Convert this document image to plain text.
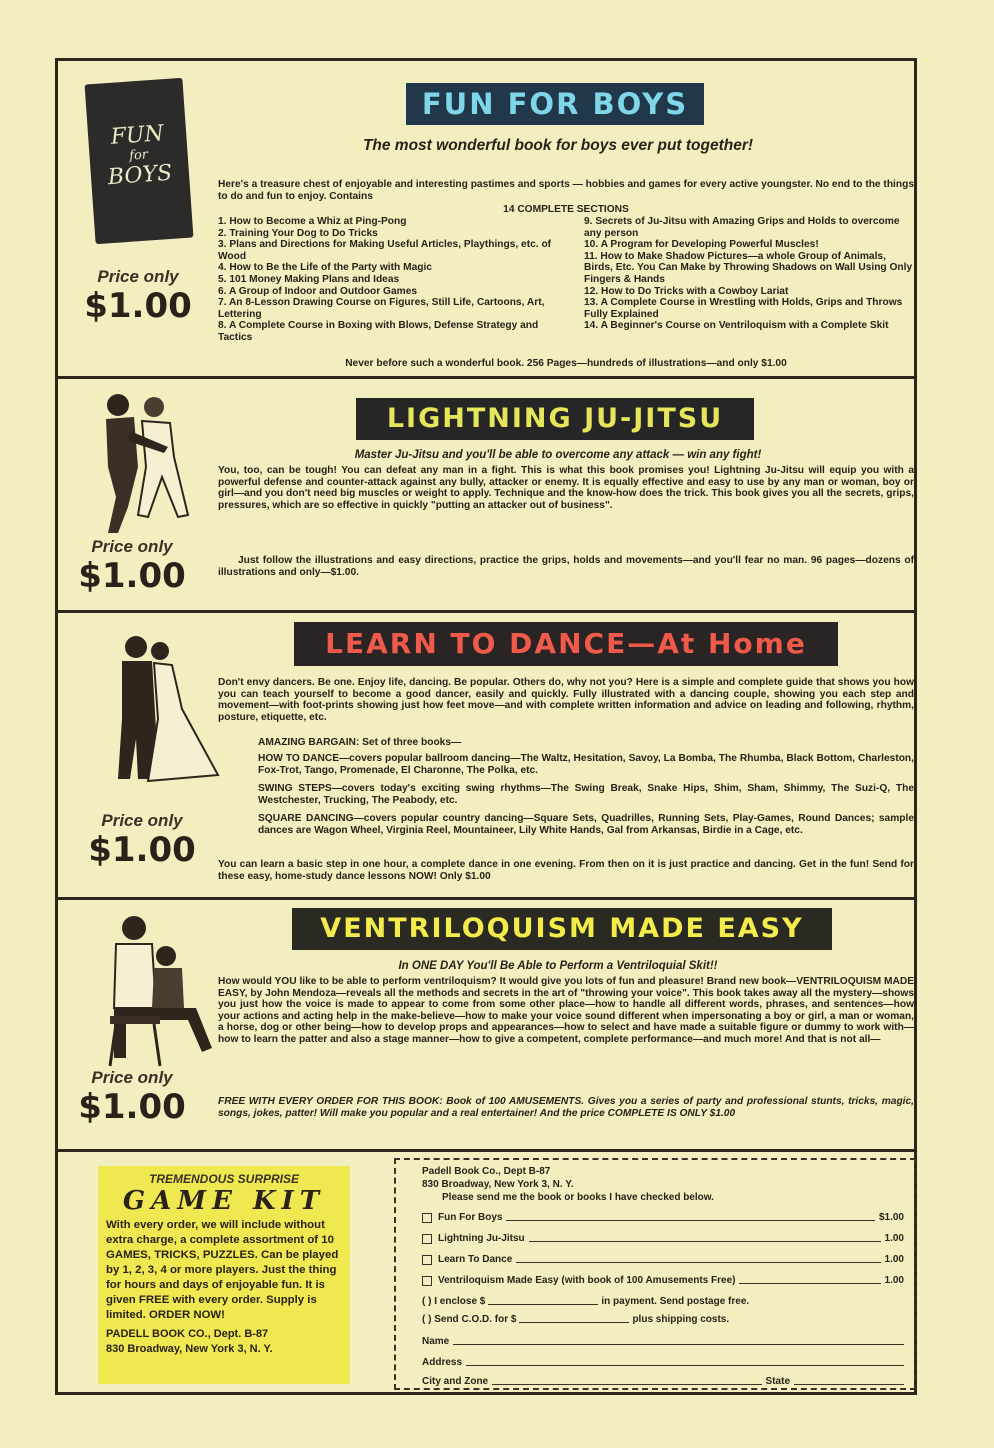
FUN
for
BOYS
Price only
$1.00
FUN FOR BOYS
The most wonderful book for boys ever put together!
Here's a treasure chest of enjoyable and interesting pastimes and sports — hobbies and games for every active youngster. No end to the things to do and fun to enjoy. Contains
14 COMPLETE SECTIONS
1. How to Become a Whiz at Ping-Pong
2. Training Your Dog to Do Tricks
3. Plans and Directions for Making Useful Articles, Playthings, etc. of Wood
4. How to Be the Life of the Party with Magic
5. 101 Money Making Plans and Ideas
6. A Group of Indoor and Outdoor Games
7. An 8-Lesson Drawing Course on Figures, Still Life, Cartoons, Art, Lettering
8. A Complete Course in Boxing with Blows, Defense Strategy and Tactics
9. Secrets of Ju-Jitsu with Amazing Grips and Holds to overcome any person
10. A Program for Developing Powerful Muscles!
11. How to Make Shadow Pictures—a whole Group of Animals, Birds, Etc. You Can Make by Throwing Shadows on Wall Using Only Fingers & Hands
12. How to Do Tricks with a Cowboy Lariat
13. A Complete Course in Wrestling with Holds, Grips and Throws Fully Explained
14. A Beginner's Course on Ventriloquism with a Complete Skit
Never before such a wonderful book. 256 Pages—hundreds of illustrations—and only $1.00
Price only
$1.00
LIGHTNING JU-JITSU
Master Ju-Jitsu and you'll be able to overcome any attack — win any fight!
You, too, can be tough! You can defeat any man in a fight. This is what this book promises you! Lightning Ju-Jitsu will equip you with a powerful defense and counter-attack against any bully, attacker or enemy. It is equally effective and easy to use by any man or woman, boy or girl—and you don't need big muscles or weight to apply. Technique and the know-how does the trick. This book gives you all the secrets, grips, pressures, which are so effective in quickly "putting an attacker out of business".
Just follow the illustrations and easy directions, practice the grips, holds and movements—and you'll fear no man. 96 pages—dozens of illustrations and only—$1.00.
Price only
$1.00
LEARN TO DANCE—At Home
Don't envy dancers. Be one. Enjoy life, dancing. Be popular. Others do, why not you? Here is a simple and complete guide that shows you how you can teach yourself to become a good dancer, easily and quickly. Fully illustrated with a dancing couple, showing you each step and movement—with foot-prints showing just how feet move—and with complete written information and advice on leading and following, rhythm, posture, etiquette, etc.
AMAZING BARGAIN: Set of three books—
HOW TO DANCE—covers popular ballroom dancing—The Waltz, Hesitation, Savoy, La Bomba, The Rhumba, Black Bottom, Charleston, Fox-Trot, Tango, Promenade, El Charonne, The Polka, etc.
SWING STEPS—covers today's exciting swing rhythms—The Swing Break, Snake Hips, Shim, Sham, Shimmy, The Suzi-Q, The Westchester, Trucking, The Peabody, etc.
SQUARE DANCING—covers popular country dancing—Square Sets, Quadrilles, Running Sets, Play-Games, Round Dances; sample dances are Wagon Wheel, Virginia Reel, Mountaineer, Lily White Hands, Gal from Arkansas, Birdie in a Cage, etc.
You can learn a basic step in one hour, a complete dance in one evening. From then on it is just practice and dancing. Get in the fun! Send for these easy, home-study dance lessons NOW! Only $1.00
Price only
$1.00
VENTRILOQUISM MADE EASY
In ONE DAY You'll Be Able to Perform a Ventriloquial Skit!!
How would YOU like to be able to perform ventriloquism? It would give you lots of fun and pleasure! Brand new book—VENTRILOQUISM MADE EASY, by John Mendoza—reveals all the methods and secrets in the art of "throwing your voice". This book takes away all the mystery—shows you just how the voice is made to appear to come from some other place—how to handle all different words, phrases, and sentences—how your actions and acting help in the make-believe—how to make your voice sound different when impersonating a boy or girl, a man or woman, a horse, dog or other being—how to develop props and appearances—how to select and have made a suitable figure or dummy to work with—how to learn the patter and also a stage manner—how to give a competent, complete performance—and much more! And that is not all—
FREE WITH EVERY ORDER FOR THIS BOOK: Book of 100 AMUSEMENTS. Gives you a series of party and professional stunts, tricks, magic, songs, jokes, patter! Will make you popular and a real entertainer! And the price COMPLETE IS ONLY $1.00
TREMENDOUS SURPRISE
GAME KIT
With every order, we will include without extra charge, a complete assortment of 10 GAMES, TRICKS, PUZZLES. Can be played by 1, 2, 3, 4 or more players. Just the thing for hours and days of enjoyable fun. It is given FREE with every order. Supply is limited. ORDER NOW!
PADELL BOOK CO., Dept. B-87
830 Broadway, New York 3, N. Y.
Padell Book Co., Dept B-87
830 Broadway, New York 3, N. Y.
Please send me the book or books I have checked below.
Fun For Boys	$1.00
Lightning Ju-Jitsu	1.00
Learn To Dance	1.00
Ventriloquism Made Easy (with book of 100 Amusements Free)	1.00
( ) I enclose $	in payment. Send postage free.
( ) Send C.O.D. for $	plus shipping costs.
Name
Address
City and Zone	State
